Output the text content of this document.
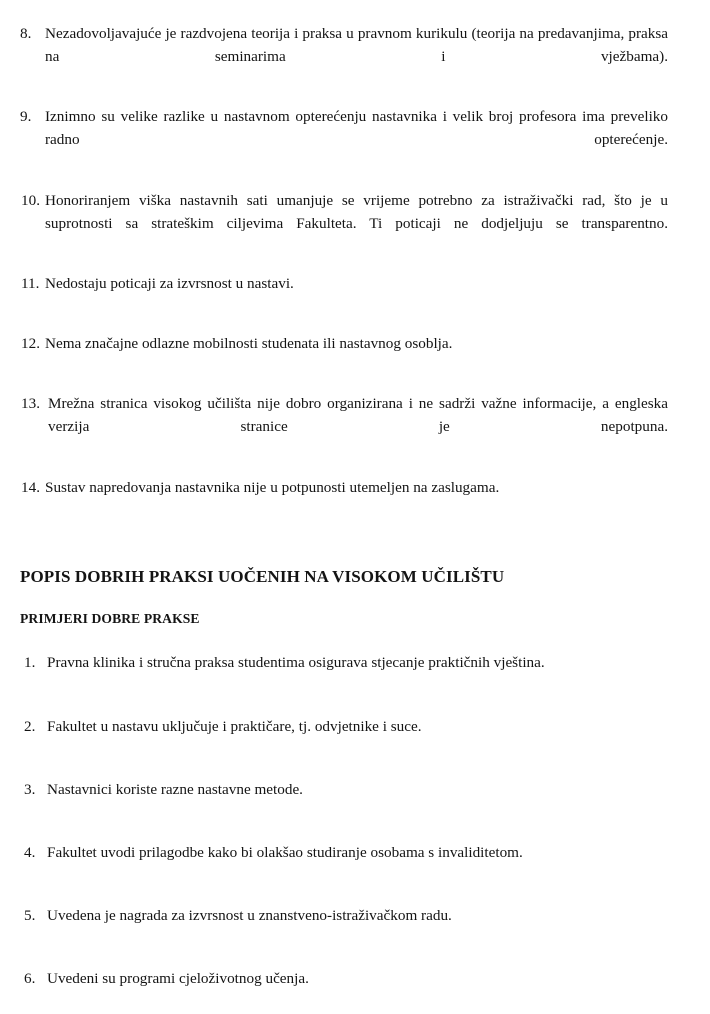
8. Nezadovoljavajuće je razdvojena teorija i praksa u pravnom kurikulu (teorija na predavanjima, praksa na seminarima i vježbama).
9. Iznimno su velike razlike u nastavnom opterećenju nastavnika i velik broj profesora ima preveliko radno opterećenje.
10. Honoriranjem viška nastavnih sati umanjuje se vrijeme potrebno za istraživački rad, što je u suprotnosti sa strateškim ciljevima Fakulteta. Ti poticaji ne dodjeljuju se transparentno.
11. Nedostaju poticaji za izvrsnost u nastavi.
12. Nema značajne odlazne mobilnosti studenata ili nastavnog osoblja.
13. Mrežna stranica visokog učilišta nije dobro organizirana i ne sadrži važne informacije, a engleska verzija stranice je nepotpuna.
14. Sustav napredovanja nastavnika nije u potpunosti utemeljen na zaslugama.
POPIS DOBRIH PRAKSI UOČENIH NA VISOKOM UČILIŠTU
PRIMJERI DOBRE PRAKSE
1. Pravna klinika i stručna praksa studentima osigurava stjecanje praktičnih vještina.
2. Fakultet u nastavu uključuje i praktičare, tj. odvjetnike i suce.
3. Nastavnici koriste razne nastavne metode.
4. Fakultet uvodi prilagodbe kako bi olakšao studiranje osobama s invaliditetom.
5. Uvedena je nagrada za izvrsnost u znanstveno-istraživačkom radu.
6. Uvedeni su programi cjeloživotnog učenja.
